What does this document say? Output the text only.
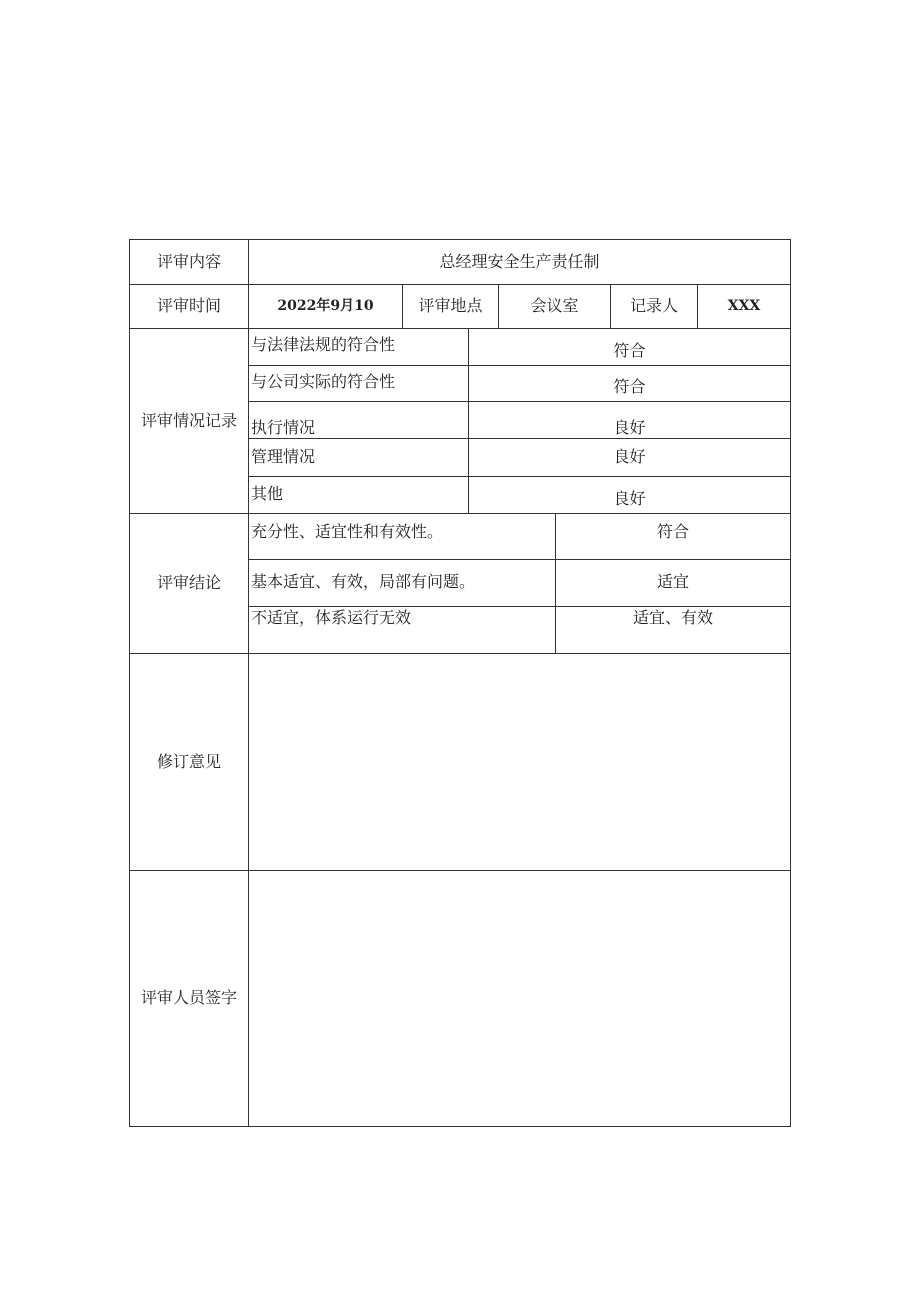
评审内容	总经理安全生产责任制
评审时间	2022年9月10	评审地点	会议室	记录人	XXX
评审情况记录
与法律法规的符合性	符合
与公司实际的符合性	符合
执行情况	良好
管理情况	良好
其他	良好
评审结论
充分性、适宜性和有效性。	符合
基本适宜、有效，局部有问题。	适宜
不适宜，体系运行无效	适宜、有效
修订意见
评审人员签字
